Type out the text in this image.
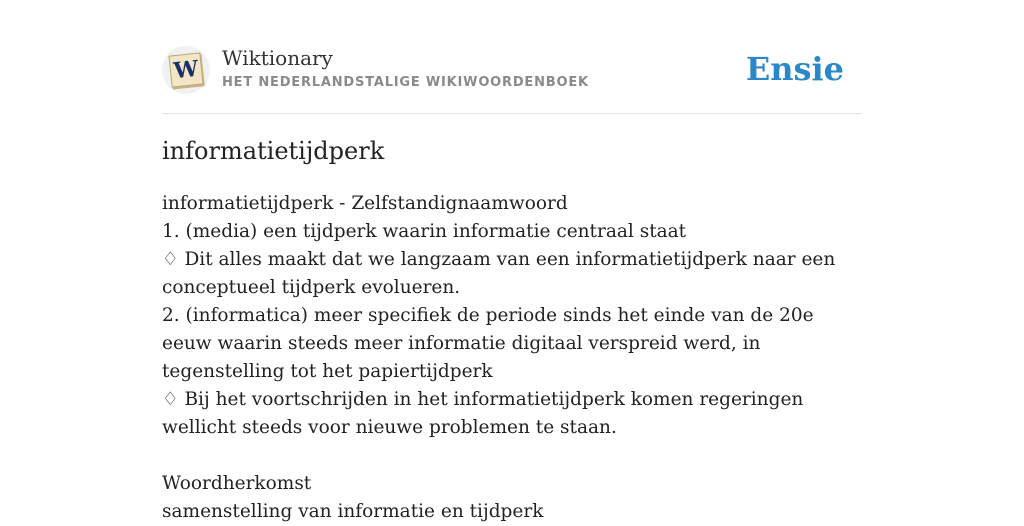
W Wiktionary
HET NEDERLANDSTALIGE WIKIWOORDENBOEK	Ensie
informatietijdperk

informatietijdperk - Zelfstandignaamwoord

1. (media) een tijdperk waarin informatie centraal staat

♢ Dit alles maakt dat we langzaam van een informatietijdperk naar een conceptueel tijdperk evolueren.

2. (informatica) meer specifiek de periode sinds het einde van de 20e eeuw waarin steeds meer informatie digitaal verspreid werd, in tegenstelling tot het papiertijdperk

♢ Bij het voortschrijden in het informatietijdperk komen regeringen wellicht steeds voor nieuwe problemen te staan.

Woordherkomst

samenstelling van informatie en tijdperk
